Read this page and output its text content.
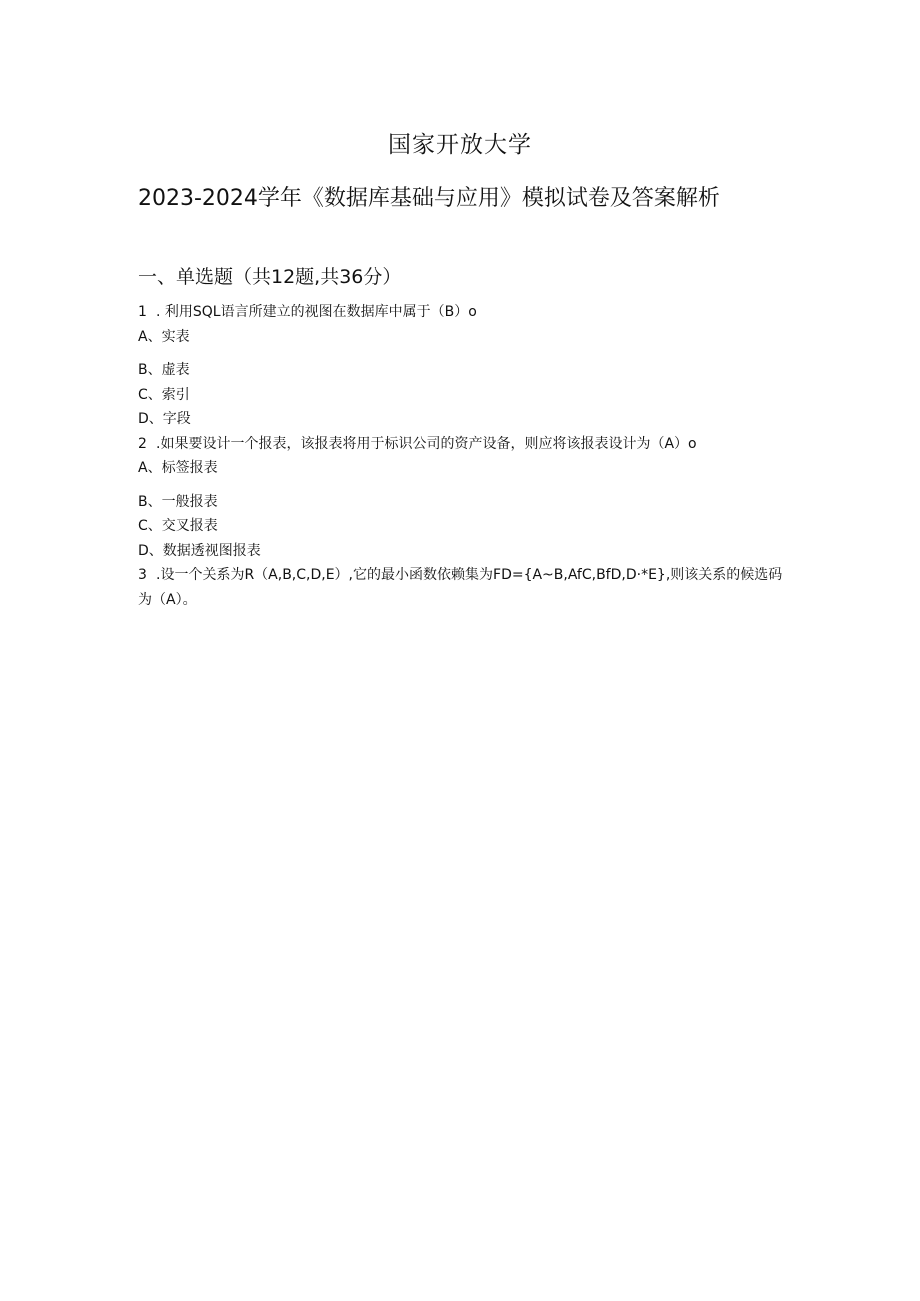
国家开放大学
2023-2024学年《数据库基础与应用》模拟试卷及答案解析
一、单选题（共12题,共36分）
1 . 利用SQL语言所建立的视图在数据库中属于（B）o
A、实表
B、虚表
C、索引
D、字段
2 .如果要设计一个报表，该报表将用于标识公司的资产设备，则应将该报表设计为（A）o
A、标签报表
B、一般报表
C、交叉报表
D、数据透视图报表
3 .设一个关系为R（A,B,C,D,E）,它的最小函数依赖集为FD={A~B,AfC,BfD,D·*E},则该关系的候选码为（A）。
